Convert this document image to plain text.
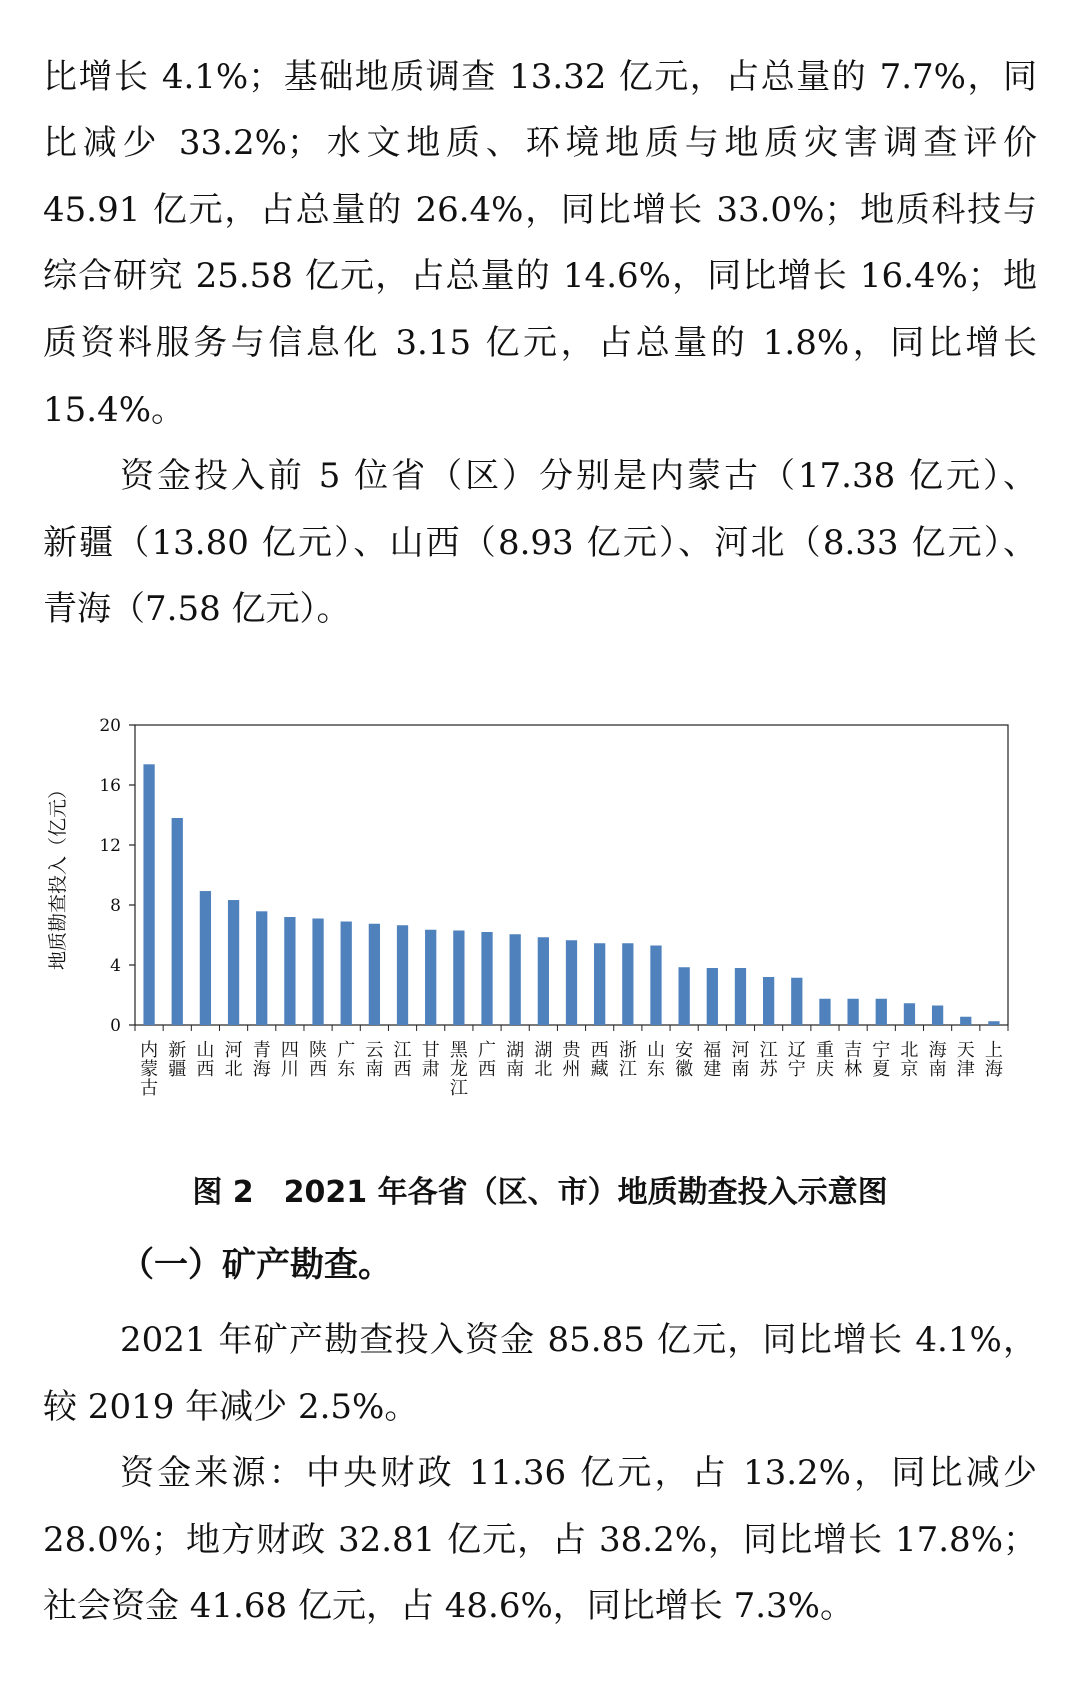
比增长 4.1%；基础地质调查 13.32 亿元，占总量的 7.7%，同
比减少 33.2%；水文地质、环境地质与地质灾害调查评价
45.91 亿元，占总量的 26.4%，同比增长 33.0%；地质科技与
综合研究 25.58 亿元，占总量的 14.6%，同比增长 16.4%；地
质资料服务与信息化 3.15 亿元，占总量的 1.8%，同比增长
15.4%。
资金投入前 5 位省（区）分别是内蒙古（17.38 亿元）、
新疆（13.80 亿元）、山西（8.93 亿元）、河北（8.33 亿元）、
青海（7.58 亿元）。
0
4
8
12
16
20
地质勘查投入（亿元）
内蒙古
新疆
山西
河北
青海
四川
陕西
广东
云南
江西
甘肃
黑龙江
广西
湖南
湖北
贵州
西藏
浙江
山东
安徽
福建
河南
江苏
辽宁
重庆
吉林
宁夏
北京
海南
天津
上海
图 2　2021 年各省（区、市）地质勘查投入示意图
（一）矿产勘查。
2021 年矿产勘查投入资金 85.85 亿元，同比增长 4.1%，
较 2019 年减少 2.5%。
资金来源：中央财政 11.36 亿元，占 13.2%，同比减少
28.0%；地方财政 32.81 亿元，占 38.2%，同比增长 17.8%；
社会资金 41.68 亿元，占 48.6%，同比增长 7.3%。
